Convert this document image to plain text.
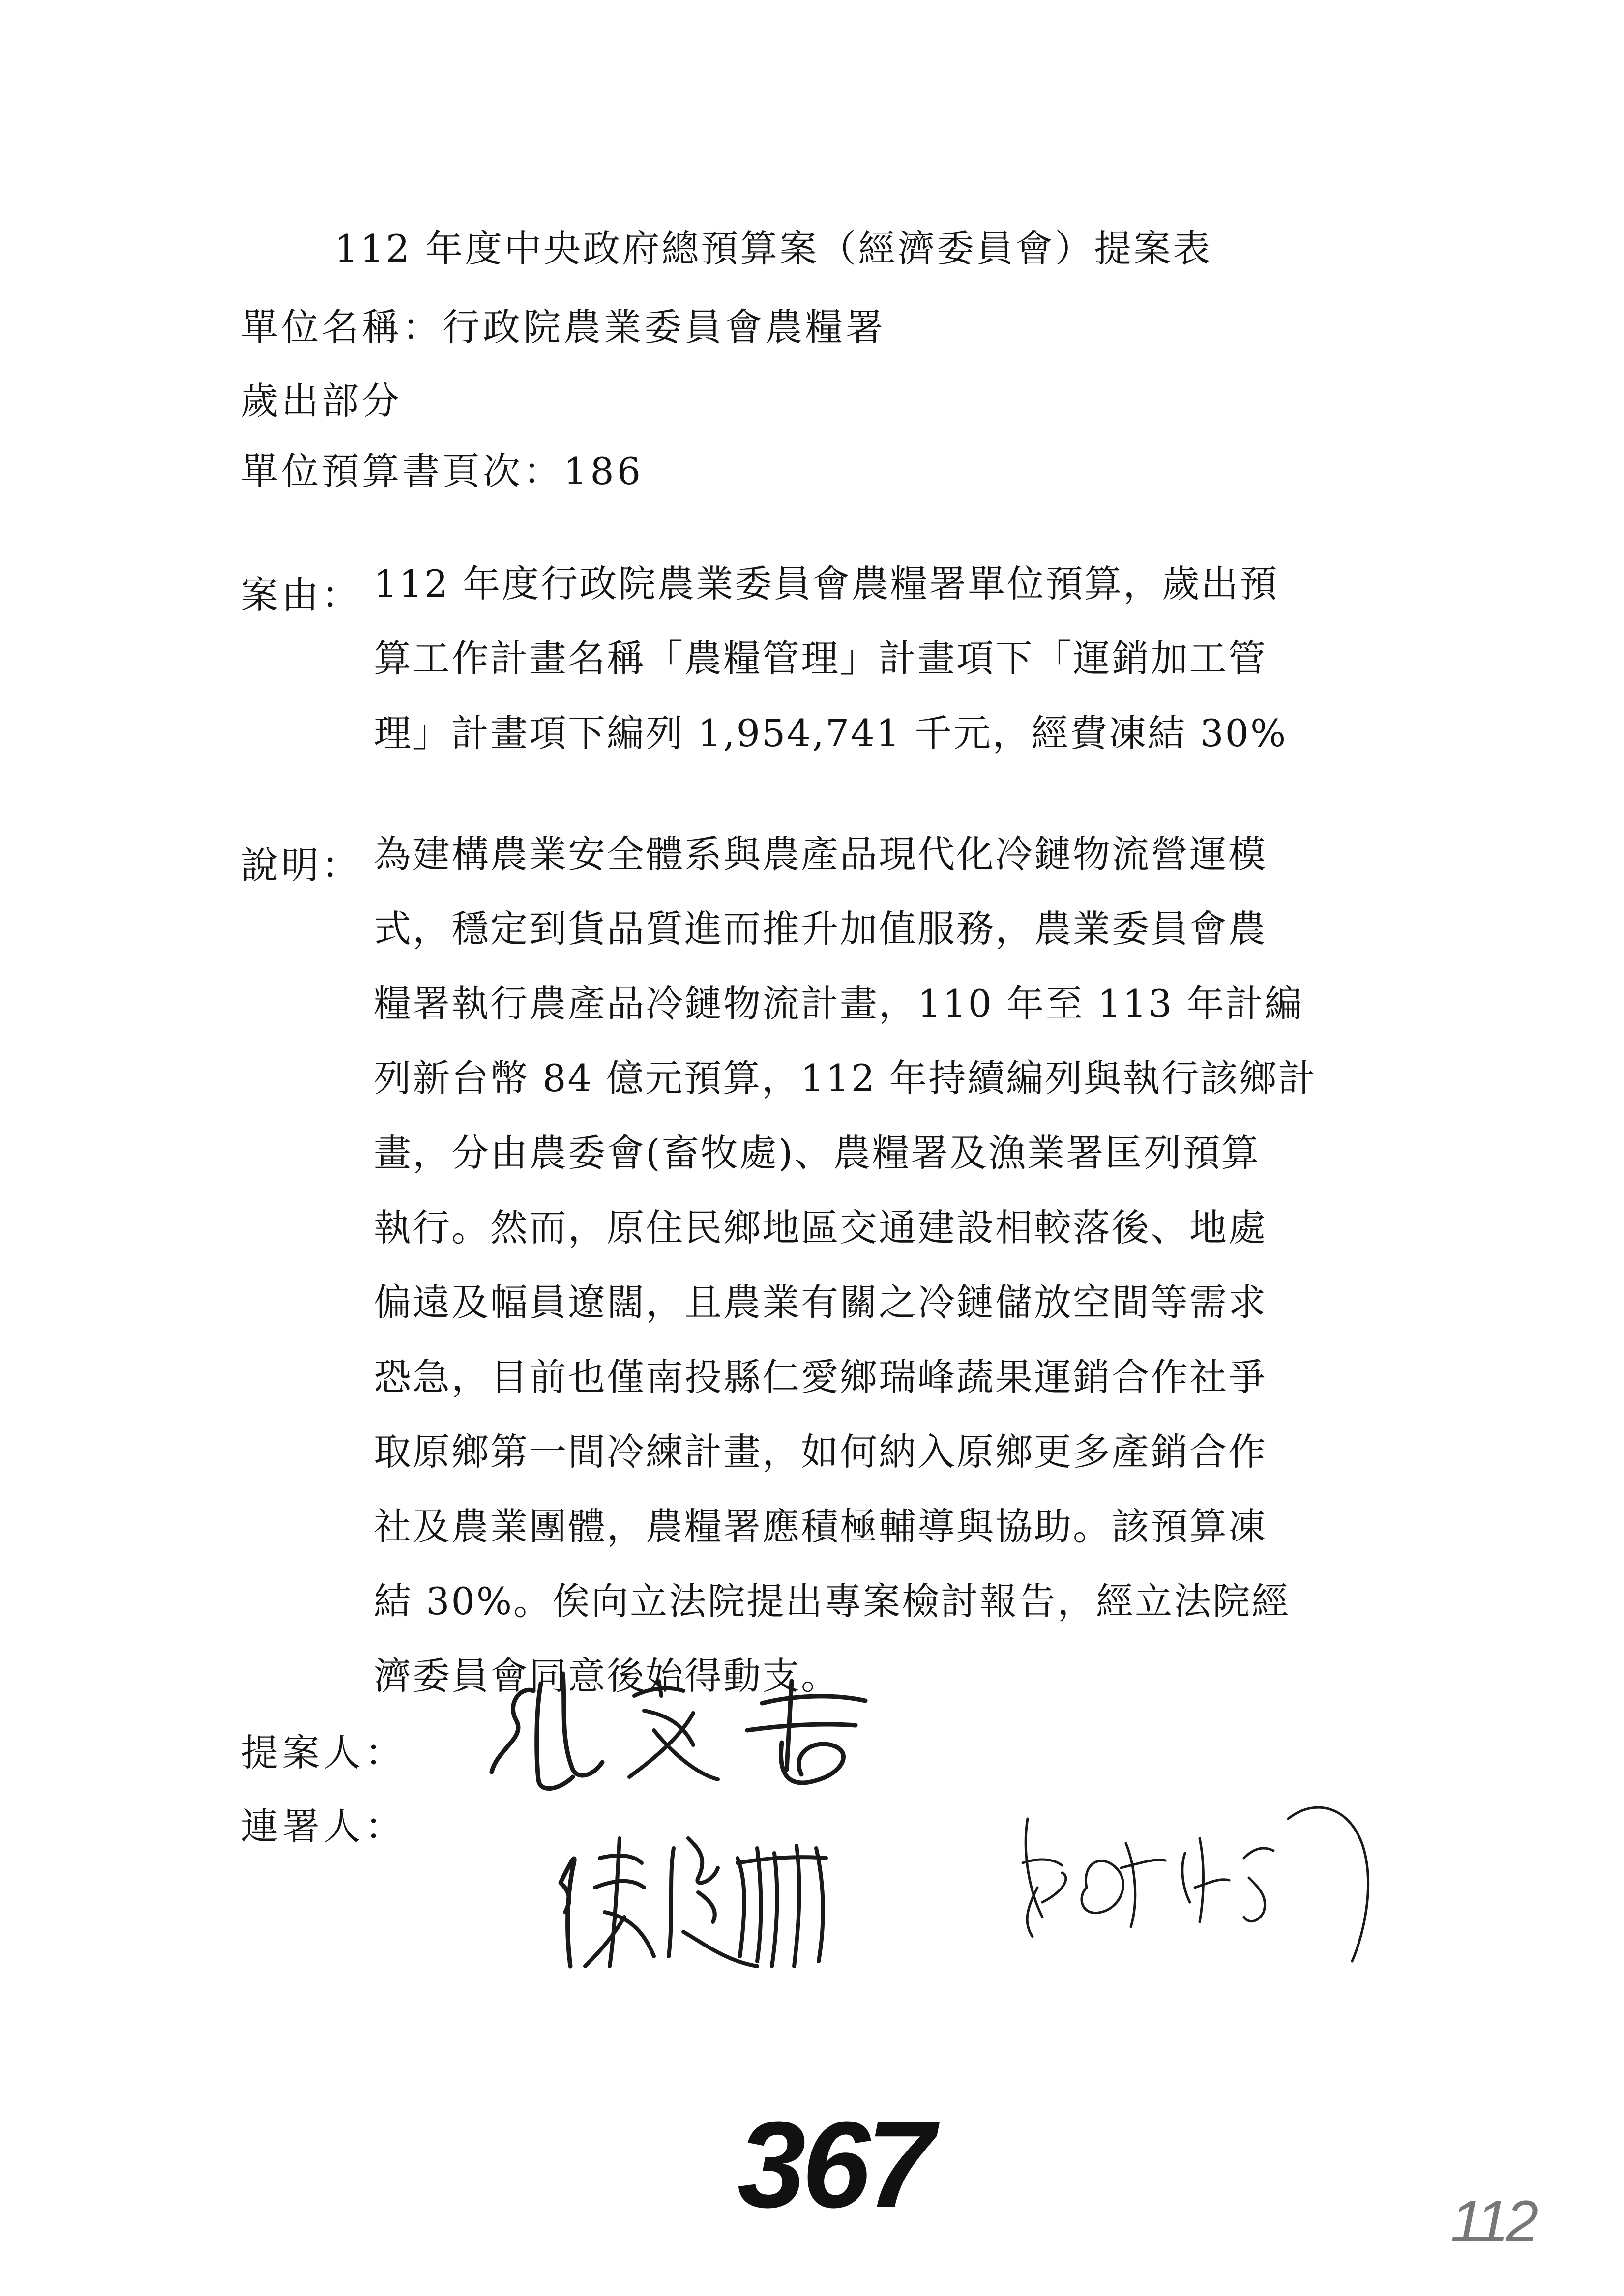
112 年度中央政府總預算案（經濟委員會）提案表
單位名稱：行政院農業委員會農糧署
歲出部分
單位預算書頁次：186
案由： 112 年度行政院農業委員會農糧署單位預算，歲出預
算工作計畫名稱「農糧管理」計畫項下「運銷加工管
理」計畫項下編列 1,954,741 千元，經費凍結 30%
說明： 為建構農業安全體系與農產品現代化冷鏈物流營運模
式，穩定到貨品質進而推升加值服務，農業委員會農
糧署執行農產品冷鏈物流計畫，110 年至 113 年計編
列新台幣 84 億元預算，112 年持續編列與執行該鄉計
畫，分由農委會(畜牧處)、農糧署及漁業署匡列預算
執行。然而，原住民鄉地區交通建設相較落後、地處
偏遠及幅員遼闊，且農業有關之冷鏈儲放空間等需求
恐急，目前也僅南投縣仁愛鄉瑞峰蔬果運銷合作社爭
取原鄉第一間冷練計畫，如何納入原鄉更多產銷合作
社及農業團體，農糧署應積極輔導與協助。該預算凍
結 30%。俟向立法院提出專案檢討報告，經立法院經
濟委員會同意後始得動支。
提案人：
連署人：
367	112
